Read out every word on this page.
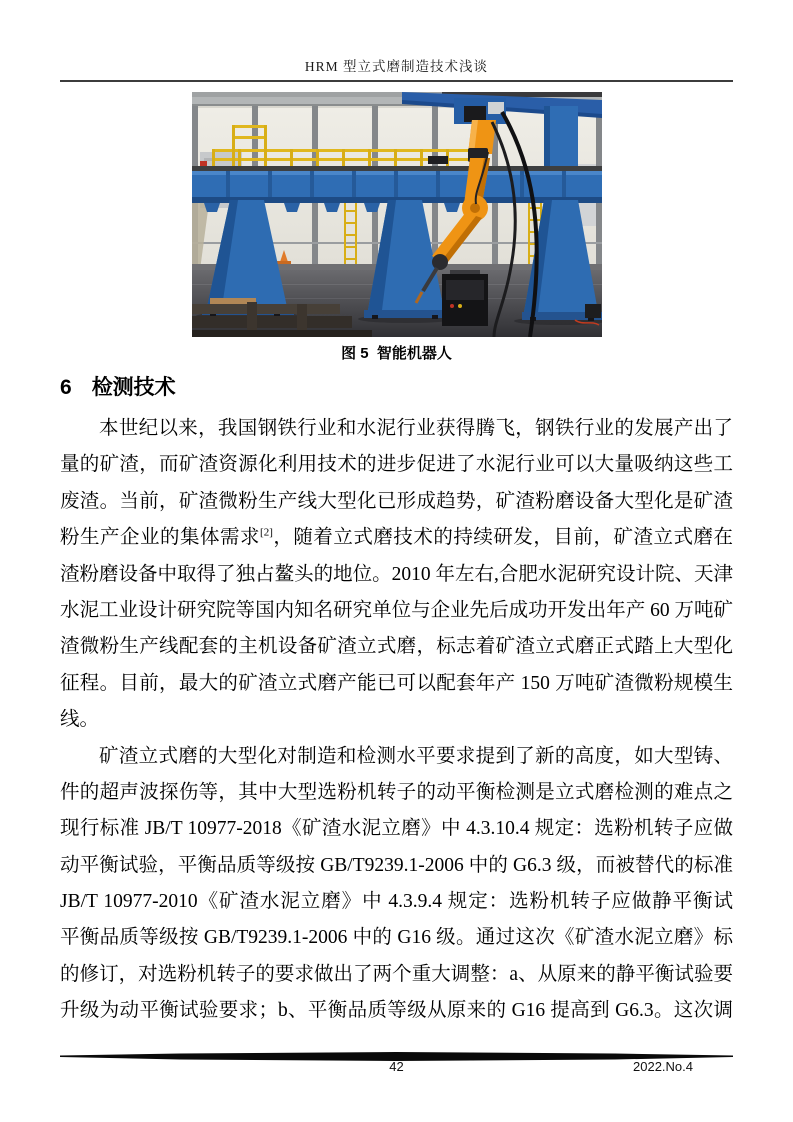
HRM 型立式磨制造技术浅谈
图 5  智能机器人
6 检测技术
本世纪以来，我国钢铁行业和水泥行业获得腾飞，钢铁行业的发展产出了
量的矿渣，而矿渣资源化利用技术的进步促进了水泥行业可以大量吸纳这些工
废渣。当前，矿渣微粉生产线大型化已形成趋势，矿渣粉磨设备大型化是矿渣
粉生产企业的集体需求[2]，随着立式磨技术的持续研发，目前，矿渣立式磨在
渣粉磨设备中取得了独占鳌头的地位。2010 年左右,合肥水泥研究设计院、天津
水泥工业设计研究院等国内知名研究单位与企业先后成功开发出年产 60 万吨矿
渣微粉生产线配套的主机设备矿渣立式磨，标志着矿渣立式磨正式踏上大型化
征程。目前，最大的矿渣立式磨产能已可以配套年产 150 万吨矿渣微粉规模生
线。
矿渣立式磨的大型化对制造和检测水平要求提到了新的高度，如大型铸、
件的超声波探伤等，其中大型选粉机转子的动平衡检测是立式磨检测的难点之
现行标准 JB/T 10977-2018《矿渣水泥立磨》中 4.3.10.4 规定：选粉机转子应做
动平衡试验，平衡品质等级按 GB/T9239.1-2006 中的 G6.3 级，而被替代的标准
JB/T 10977-2010《矿渣水泥立磨》中 4.3.9.4 规定：选粉机转子应做静平衡试
平衡品质等级按 GB/T9239.1-2006 中的 G16 级。通过这次《矿渣水泥立磨》标
的修订，对选粉机转子的要求做出了两个重大调整：a、从原来的静平衡试验要
升级为动平衡试验要求；b、平衡品质等级从原来的 G16 提高到 G6.3。这次调
42	2022.No.4
